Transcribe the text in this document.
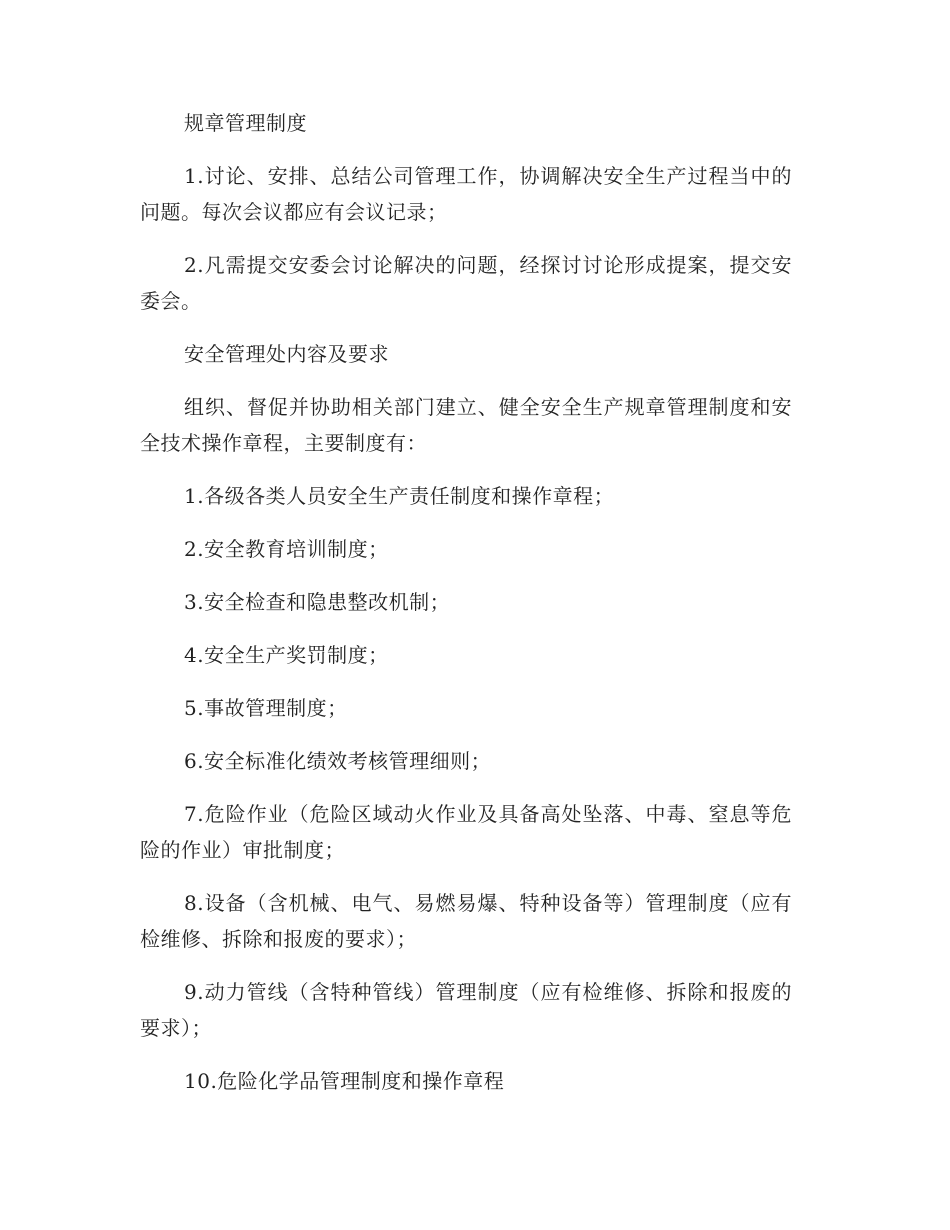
规章管理制度

1.讨论、安排、总结公司管理工作，协调解决安全生产过程当中的问题。每次会议都应有会议记录；

2.凡需提交安委会讨论解决的问题，经探讨讨论形成提案，提交安委会。

安全管理处内容及要求

组织、督促并协助相关部门建立、健全安全生产规章管理制度和安全技术操作章程，主要制度有：

1.各级各类人员安全生产责任制度和操作章程；

2.安全教育培训制度；

3.安全检查和隐患整改机制；

4.安全生产奖罚制度；

5.事故管理制度；

6.安全标准化绩效考核管理细则；

7.危险作业（危险区域动火作业及具备高处坠落、中毒、窒息等危险的作业）审批制度；

8.设备（含机械、电气、易燃易爆、特种设备等）管理制度（应有检维修、拆除和报废的要求）；

9.动力管线（含特种管线）管理制度（应有检维修、拆除和报废的要求）；

10.危险化学品管理制度和操作章程
